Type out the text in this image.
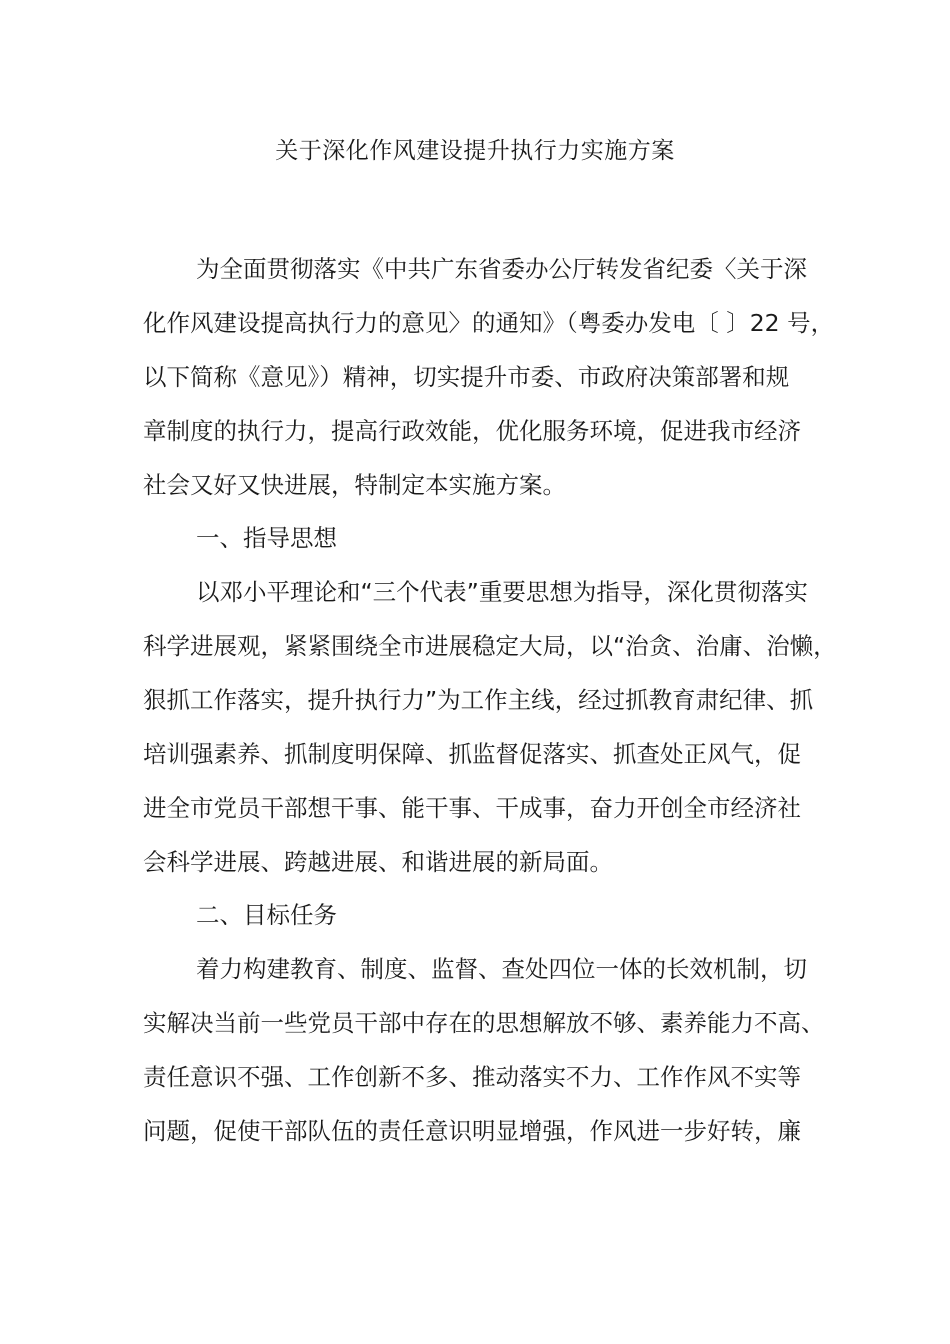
关于深化作风建设提升执行力实施方案

为全面贯彻落实《中共广东省委办公厅转发省纪委〈关于深

化作风建设提高执行力的意见〉的通知》（粤委办发电〔 〕22 号，

以下简称《意见》）精神，切实提升市委、市政府决策部署和规

章制度的执行力，提高行政效能，优化服务环境，促进我市经济

社会又好又快进展，特制定本实施方案。

一、指导思想

以邓小平理论和“三个代表”重要思想为指导，深化贯彻落实

科学进展观，紧紧围绕全市进展稳定大局，以“治贪、治庸、治懒，

狠抓工作落实，提升执行力”为工作主线，经过抓教育肃纪律、抓

培训强素养、抓制度明保障、抓监督促落实、抓查处正风气，促

进全市党员干部想干事、能干事、干成事，奋力开创全市经济社

会科学进展、跨越进展、和谐进展的新局面。

二、目标任务

着力构建教育、制度、监督、查处四位一体的长效机制，切

实解决当前一些党员干部中存在的思想解放不够、素养能力不高、

责任意识不强、工作创新不多、推动落实不力、工作作风不实等

问题，促使干部队伍的责任意识明显增强，作风进一步好转，廉
